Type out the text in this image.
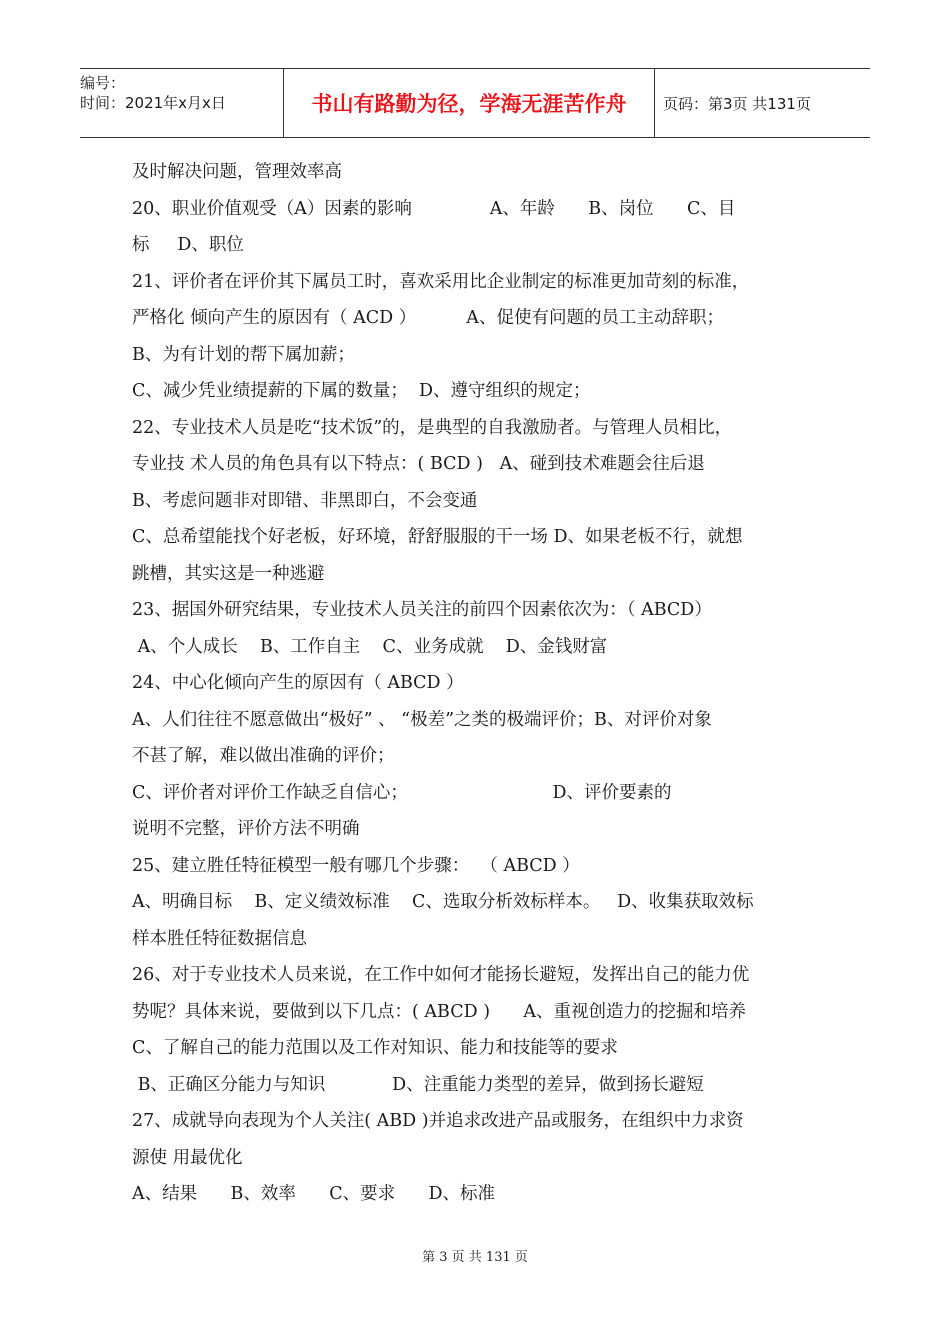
编号：
时间：2021年x月x日	书山有路勤为径，学海无涯苦作舟	页码：第3页 共131页
及时解决问题，管理效率高
20、职业价值观受（A）因素的影响              A、年龄      B、岗位      C、目
标     D、职位
21、评价者在评价其下属员工时，喜欢采用比企业制定的标准更加苛刻的标准，
严格化 倾向产生的原因有（ ACD ）         A、促使有问题的员工主动辞职；
B、为有计划的帮下属加薪；
C、减少凭业绩提薪的下属的数量；  D、遵守组织的规定；
22、专业技术人员是吃“技术饭”的，是典型的自我激励者。与管理人员相比，
专业技 术人员的角色具有以下特点：( BCD )   A、碰到技术难题会往后退
B、考虑问题非对即错、非黑即白，不会变通
C、总希望能找个好老板，好环境，舒舒服服的干一场 D、如果老板不行，就想
跳槽，其实这是一种逃避
23、据国外研究结果，专业技术人员关注的前四个因素依次为：（ ABCD）
A、个人成长    B、工作自主    C、业务成就    D、金钱财富
24、中心化倾向产生的原因有（ ABCD ）
A、人们往往不愿意做出“极好” 、 “极差”之类的极端评价；B、对评价对象
不甚了解，难以做出准确的评价；
C、评价者对评价工作缺乏自信心；                          D、评价要素的
说明不完整，评价方法不明确
25、建立胜任特征模型一般有哪几个步骤：  （ ABCD ）
A、明确目标    B、定义绩效标准    C、选取分析效标样本。   D、收集获取效标
样本胜任特征数据信息
26、对于专业技术人员来说，在工作中如何才能扬长避短，发挥出自己的能力优
势呢？具体来说，要做到以下几点：( ABCD )      A、重视创造力的挖掘和培养
C、了解自己的能力范围以及工作对知识、能力和技能等的要求
B、正确区分能力与知识            D、注重能力类型的差异，做到扬长避短
27、成就导向表现为个人关注( ABD )并追求改进产品或服务，在组织中力求资
源使 用最优化
A、结果      B、效率      C、要求      D、标准
第 3 页 共 131 页
